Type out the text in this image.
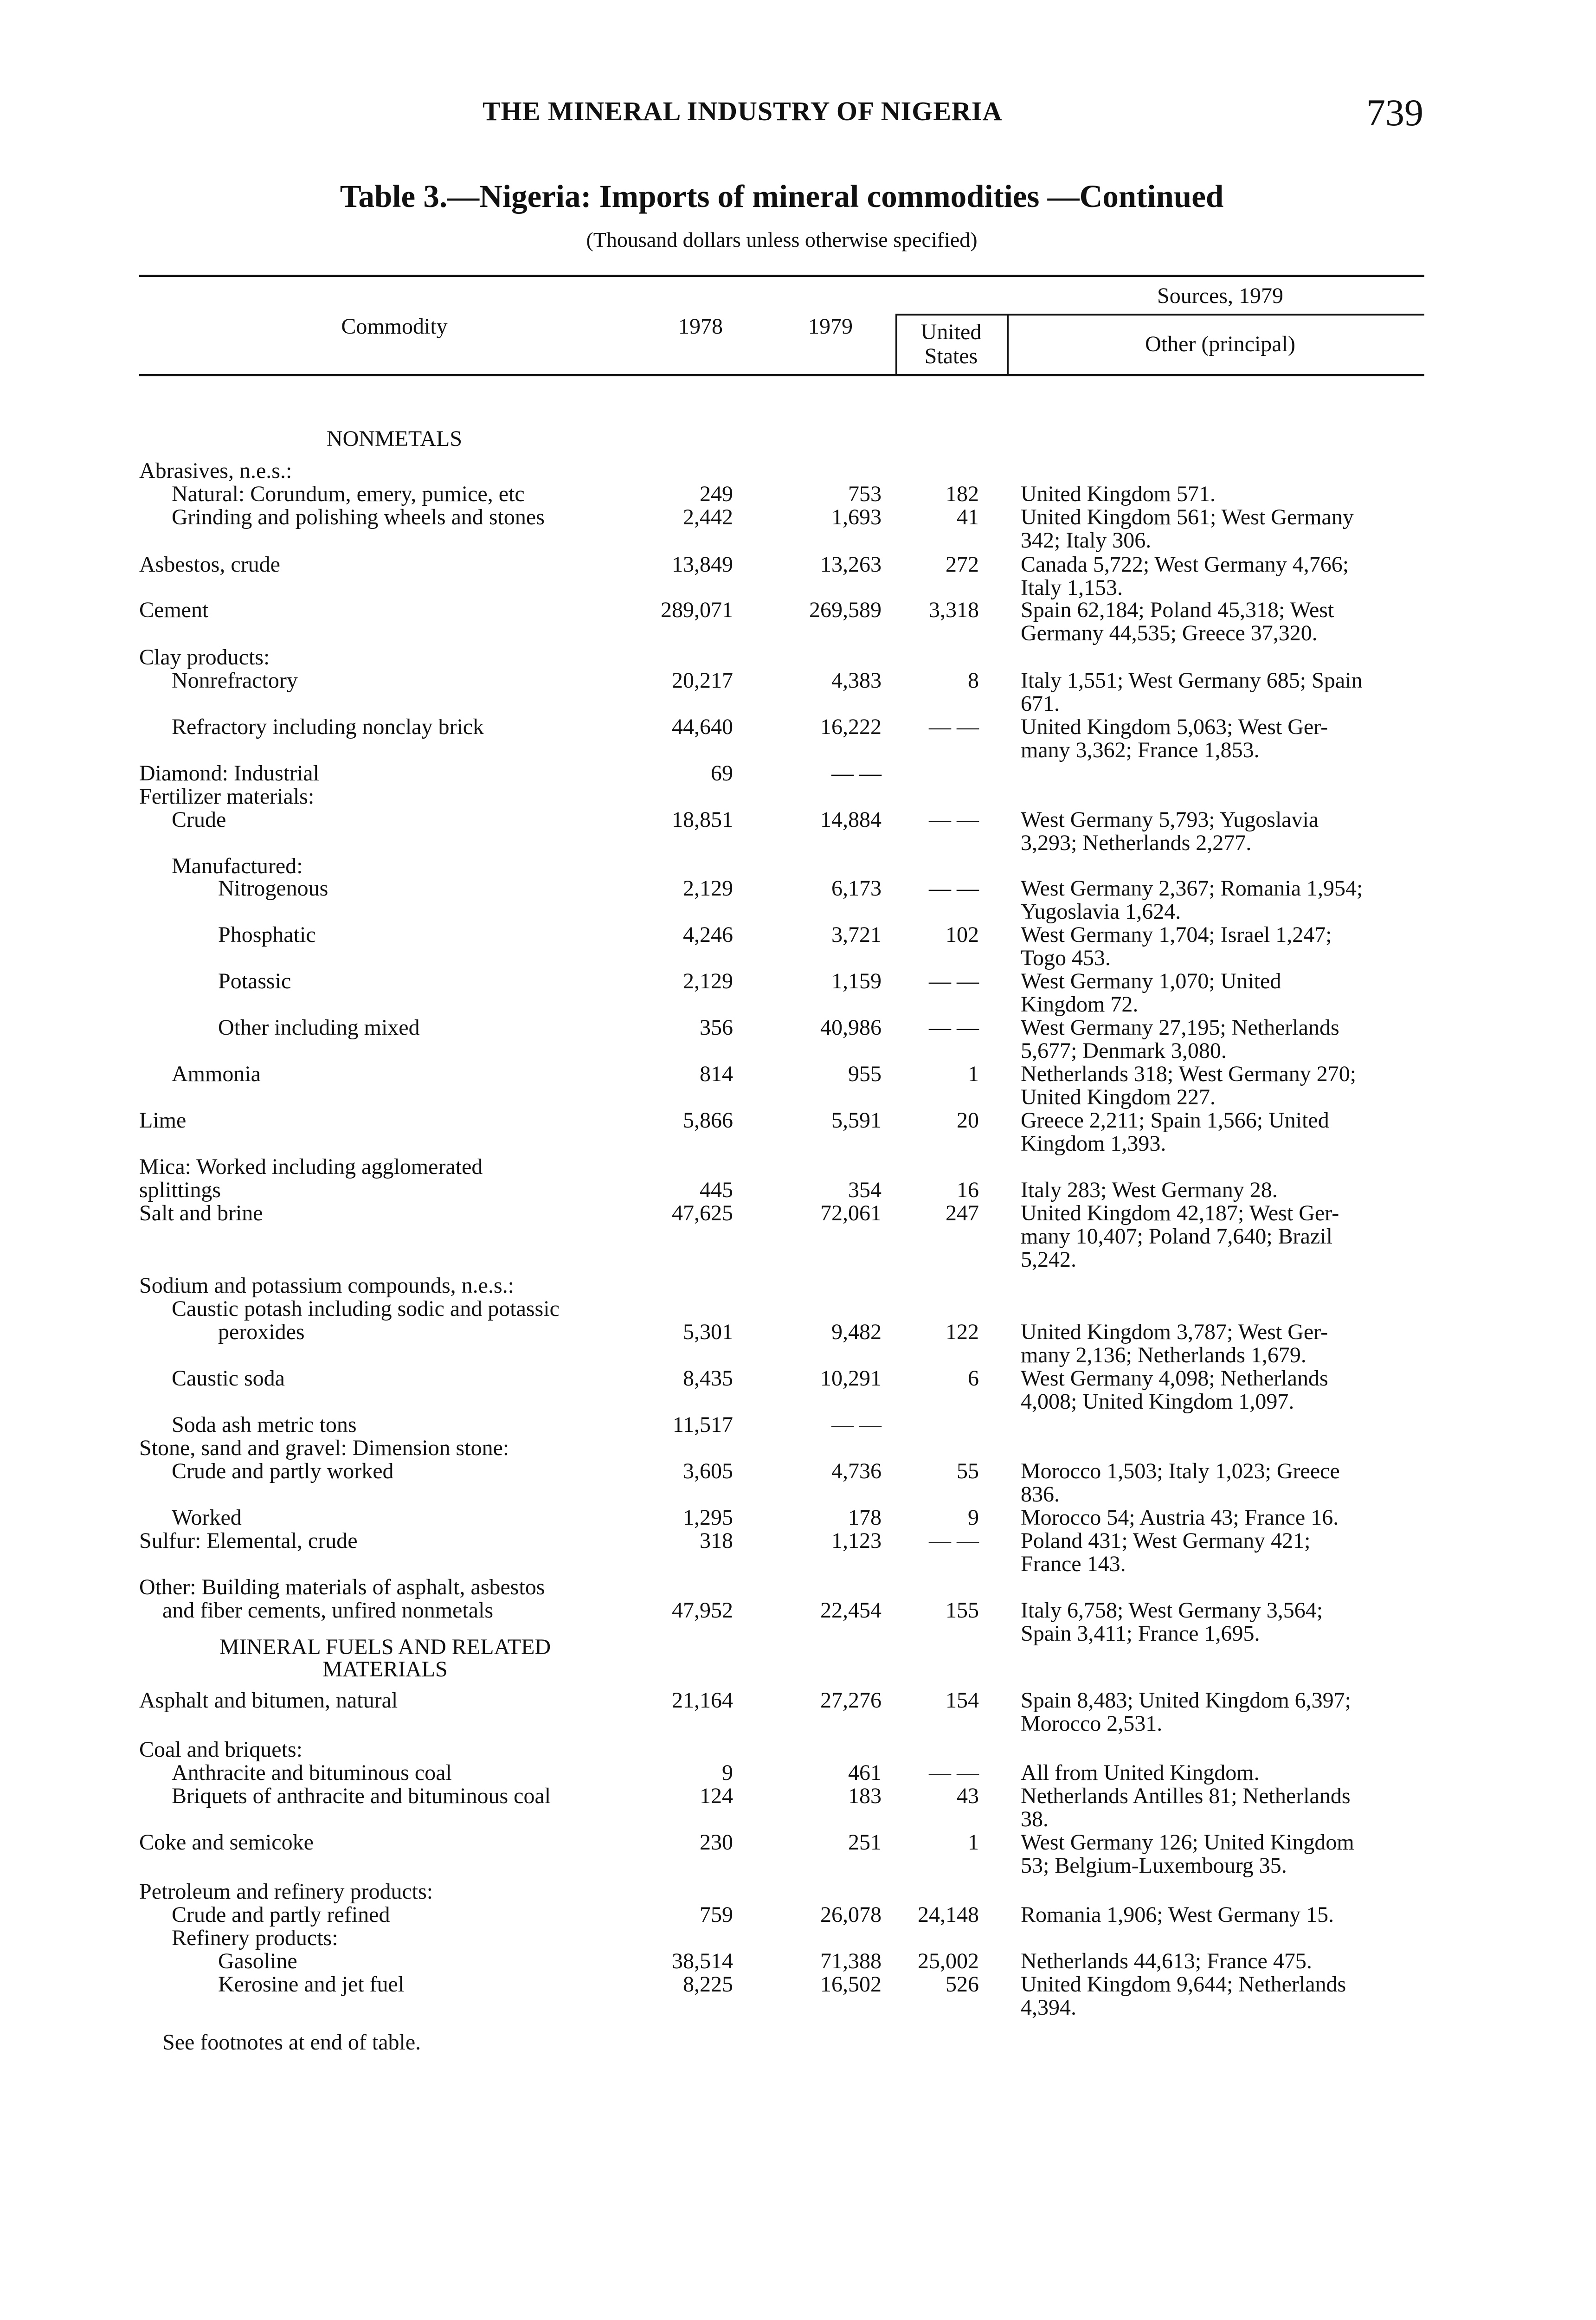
THE MINERAL INDUSTRY OF NIGERIA	739
Table 3.—Nigeria: Imports of mineral commodities —Continued
(Thousand dollars unless otherwise specified)
Commodity	1978	1979
Sources, 1979
United States	Other (principal)
NONMETALS
MINERAL FUELS AND RELATED
MATERIALS
Abrasives, n.e.s.:
Natural: Corundum, emery, pumice, etc	249	753	182 United Kingdom 571.
Grinding and polishing wheels and stones	2,442	1,693	41 United Kingdom 561; West Germany
342; Italy 306.
Asbestos, crude	13,849	13,263	272 Canada 5,722; West Germany 4,766;
Italy 1,153.
Cement	289,071	269,589	3,318 Spain 62,184; Poland 45,318; West
Germany 44,535; Greece 37,320.
Clay products:
Nonrefractory	20,217	4,383	8 Italy 1,551; West Germany 685; Spain
671.
Refractory including nonclay brick	44,640	16,222	— — United Kingdom 5,063; West Ger-
many 3,362; France 1,853.
Diamond: Industrial	69	— —
Fertilizer materials:
Crude	18,851	14,884	— — West Germany 5,793; Yugoslavia
3,293; Netherlands 2,277.
Manufactured:
Nitrogenous	2,129	6,173	— — West Germany 2,367; Romania 1,954;
Yugoslavia 1,624.
Phosphatic	4,246	3,721	102 West Germany 1,704; Israel 1,247;
Togo 453.
Potassic	2,129	1,159	— — West Germany 1,070; United
Kingdom 72.
Other including mixed	356	40,986	— — West Germany 27,195; Netherlands
5,677; Denmark 3,080.
Ammonia	814	955	1 Netherlands 318; West Germany 270;
United Kingdom 227.
Lime	5,866	5,591	20 Greece 2,211; Spain 1,566; United
Kingdom 1,393.
Mica: Worked including agglomerated
splittings	445	354	16 Italy 283; West Germany 28.
Salt and brine	47,625	72,061	247 United Kingdom 42,187; West Ger-
many 10,407; Poland 7,640; Brazil
5,242.
Sodium and potassium compounds, n.e.s.:
Caustic potash including sodic and potassic
peroxides	5,301	9,482	122 United Kingdom 3,787; West Ger-
many 2,136; Netherlands 1,679.
Caustic soda	8,435	10,291	6 West Germany 4,098; Netherlands
4,008; United Kingdom 1,097.
Soda ash metric tons	11,517	— —
Stone, sand and gravel: Dimension stone:
Crude and partly worked	3,605	4,736	55 Morocco 1,503; Italy 1,023; Greece
836.
Worked	1,295	178	9 Morocco 54; Austria 43; France 16.
Sulfur: Elemental, crude	318	1,123	— — Poland 431; West Germany 421;
France 143.
Other: Building materials of asphalt, asbestos
and fiber cements, unfired nonmetals	47,952	22,454	155 Italy 6,758; West Germany 3,564;
Spain 3,411; France 1,695.
Asphalt and bitumen, natural	21,164	27,276	154 Spain 8,483; United Kingdom 6,397;
Morocco 2,531.
Coal and briquets:
Anthracite and bituminous coal	9	461	— — All from United Kingdom.
Briquets of anthracite and bituminous coal	124	183	43 Netherlands Antilles 81; Netherlands
38.
Coke and semicoke	230	251	1 West Germany 126; United Kingdom
53; Belgium-Luxembourg 35.
Petroleum and refinery products:
Crude and partly refined	759	26,078	24,148 Romania 1,906; West Germany 15.
Refinery products:
Gasoline	38,514	71,388	25,002 Netherlands 44,613; France 475.
Kerosine and jet fuel	8,225	16,502	526 United Kingdom 9,644; Netherlands
4,394.
See footnotes at end of table.
